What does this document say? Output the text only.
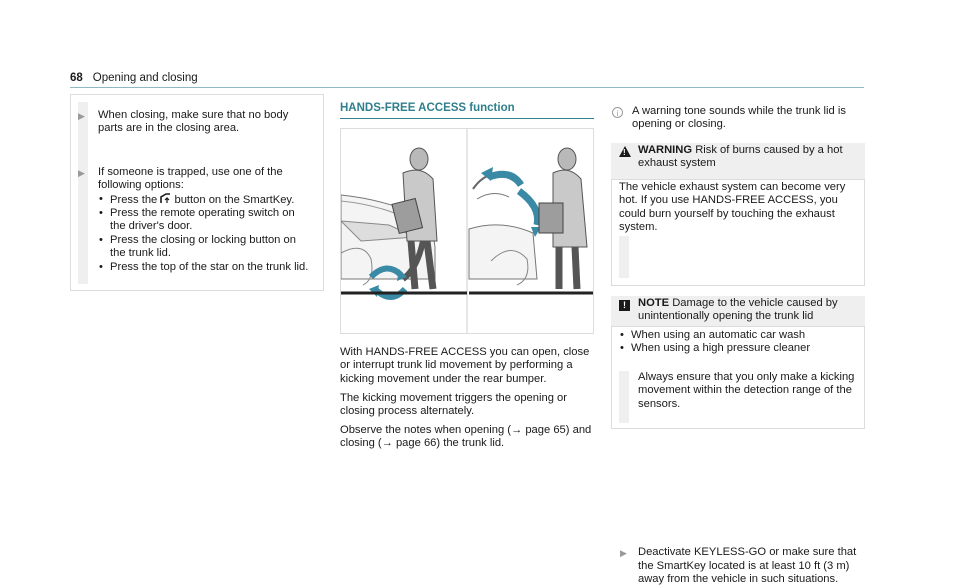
68 Opening and closing
▶ When closing, make sure that no body parts are in the closing area.
▶ If someone is trapped, use one of the following options:
• Press the button on the SmartKey.
• Press the remote operating switch on the driver's door.
• Press the closing or locking button on the trunk lid.
• Press the top of the star on the trunk lid.
HANDS-FREE ACCESS function
With HANDS-FREE ACCESS you can open, close or interrupt trunk lid movement by performing a kicking movement under the rear bumper.
The kicking movement triggers the opening or closing process alternately.
Observe the notes when opening (→ page 65) and closing (→ page 66) the trunk lid.
i	A warning tone sounds while the trunk lid is opening or closing.
! WARNING Risk of burns caused by a hot exhaust system
The vehicle exhaust system can become very hot. If you use HANDS-FREE ACCESS, you could burn yourself by touching the exhaust system.
Always ensure that you only make a kicking movement within the detection range of the sensors.
!	NOTE Damage to the vehicle caused by unintentionally opening the trunk lid
• When using an automatic car wash
• When using a high pressure cleaner
▶ Deactivate KEYLESS-GO or make sure that the SmartKey located is at least 10 ft (3 m) away from the vehicle in such situations.
